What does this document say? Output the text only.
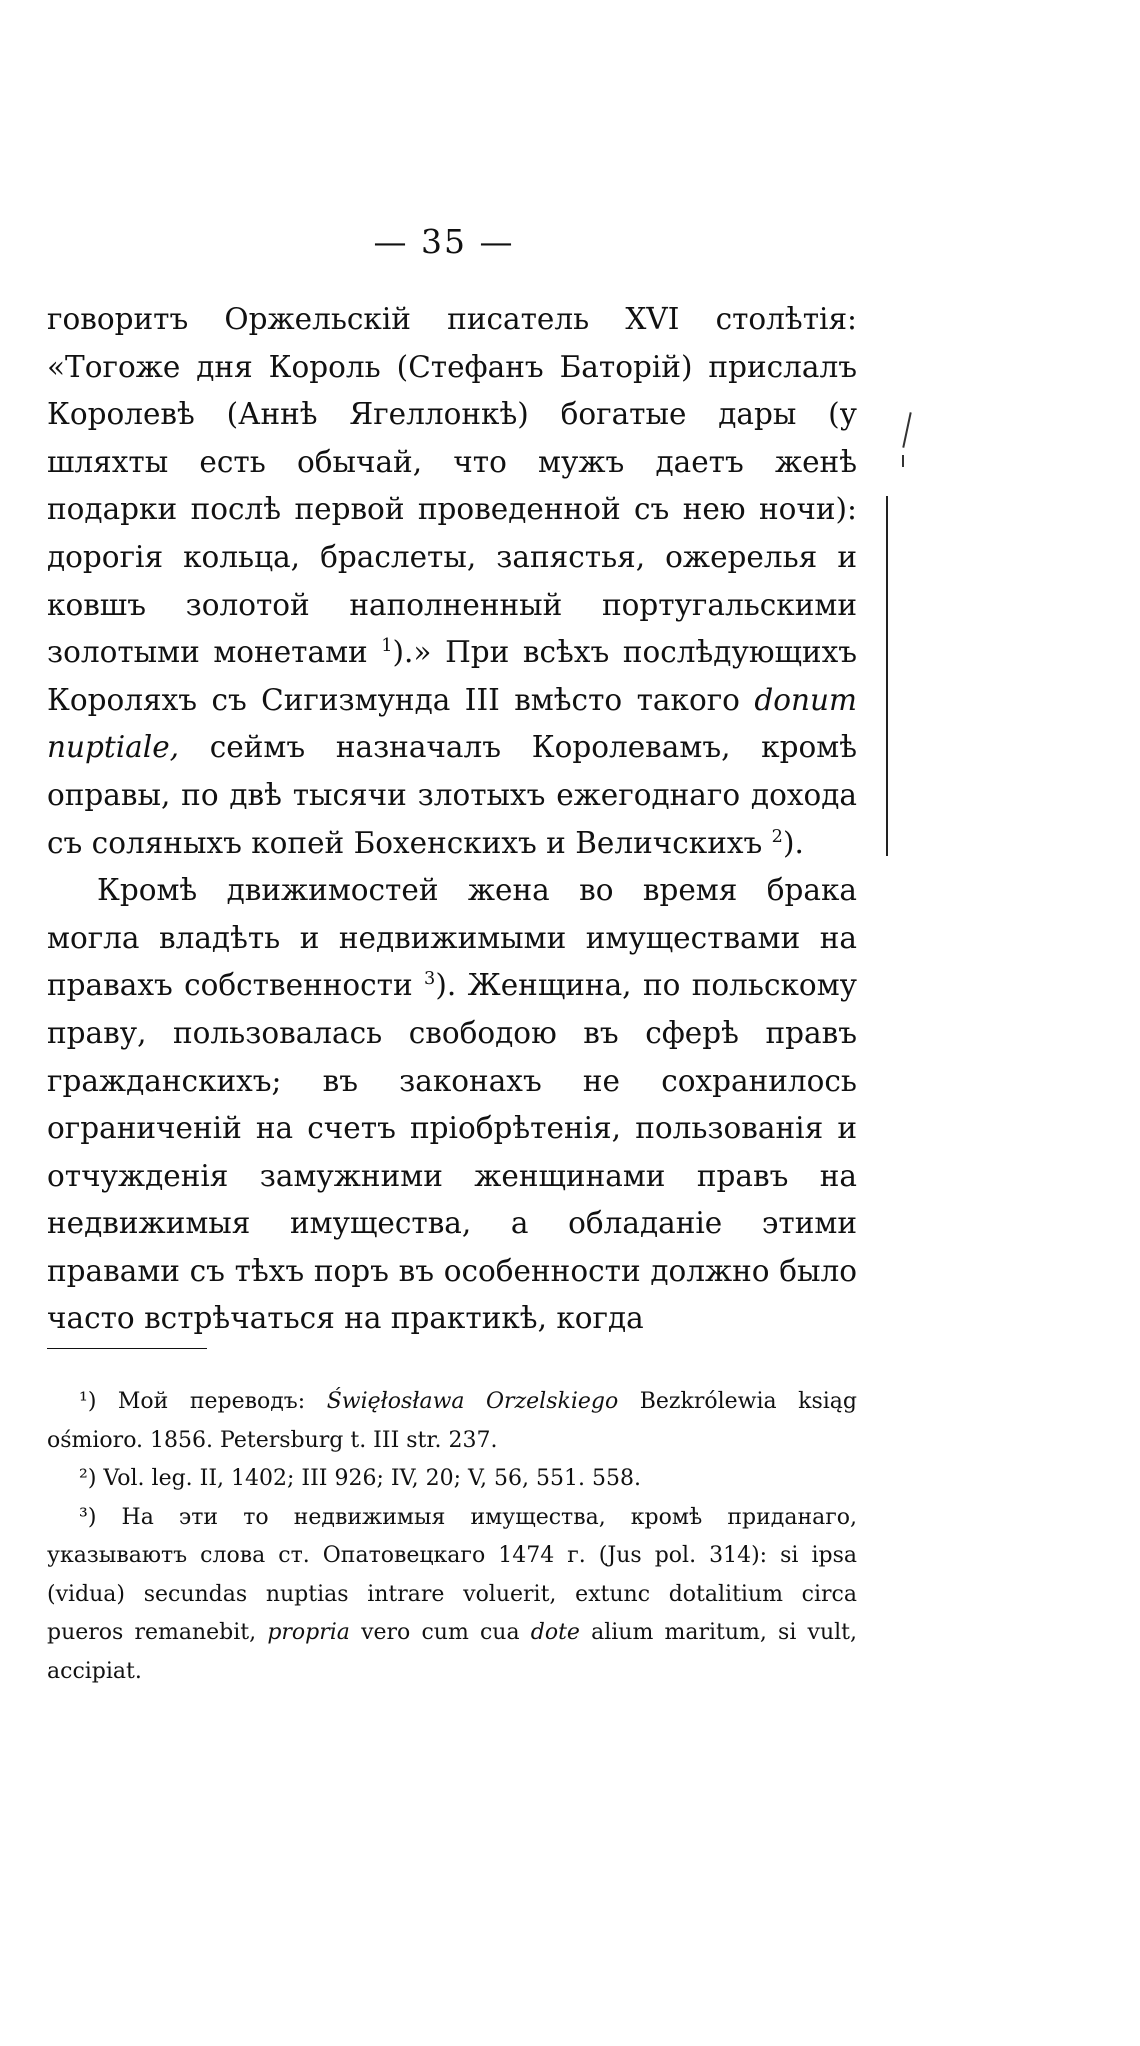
— 35 —

говоритъ Оржельскій писатель XVI столѣтія: «Тогоже дня Король (Стефанъ Баторій) прислалъ Королевѣ (Аннѣ Ягеллонкѣ) богатые дары (у шляхты есть обычай, что мужъ даетъ женѣ подарки послѣ первой проведенной съ нею ночи): дорогія кольца, браслеты, запястья, ожерелья и ковшъ золотой наполненный португальскими золотыми монетами $^1$).» При всѣхъ послѣдующихъ Короляхъ съ Сигизмунда III вмѣсто такого donum nuptiale, сеймъ назначалъ Королевамъ, кромѣ оправы, по двѣ тысячи злотыхъ ежегоднаго дохода съ соляныхъ копей Бохенскихъ и Величскихъ $^2$).

Кромѣ движимостей жена во время брака могла владѣть и недвижимыми имуществами на правахъ собственности $^3$). Женщина, по польскому праву, пользовалась свободою въ сферѣ правъ гражданскихъ; въ законахъ не сохранилось ограниченій на счетъ пріобрѣтенія, пользованія и отчужденія замужними женщинами правъ на недвижимыя имущества, а обладаніе этими правами съ тѣхъ поръ въ особенности должно было часто встрѣчаться на практикѣ, когда

¹) Мой переводъ: Święłosława Orzelskiego Bezkrólewia ksiąg ośmioro. 1856. Petersburg t. III str. 237.

²) Vol. leg. II, 1402; III 926; IV, 20; V, 56, 551. 558.

³) На эти то недвижимыя имущества, кромѣ приданаго, указываютъ слова ст. Опатовецкаго 1474 г. (Jus pol. 314): si ipsa (vidua) secundas nuptias intrare voluerit, extunc dotalitium circa pueros remanebit, propria vero cum cua dote alium maritum, si vult, accipiat.
